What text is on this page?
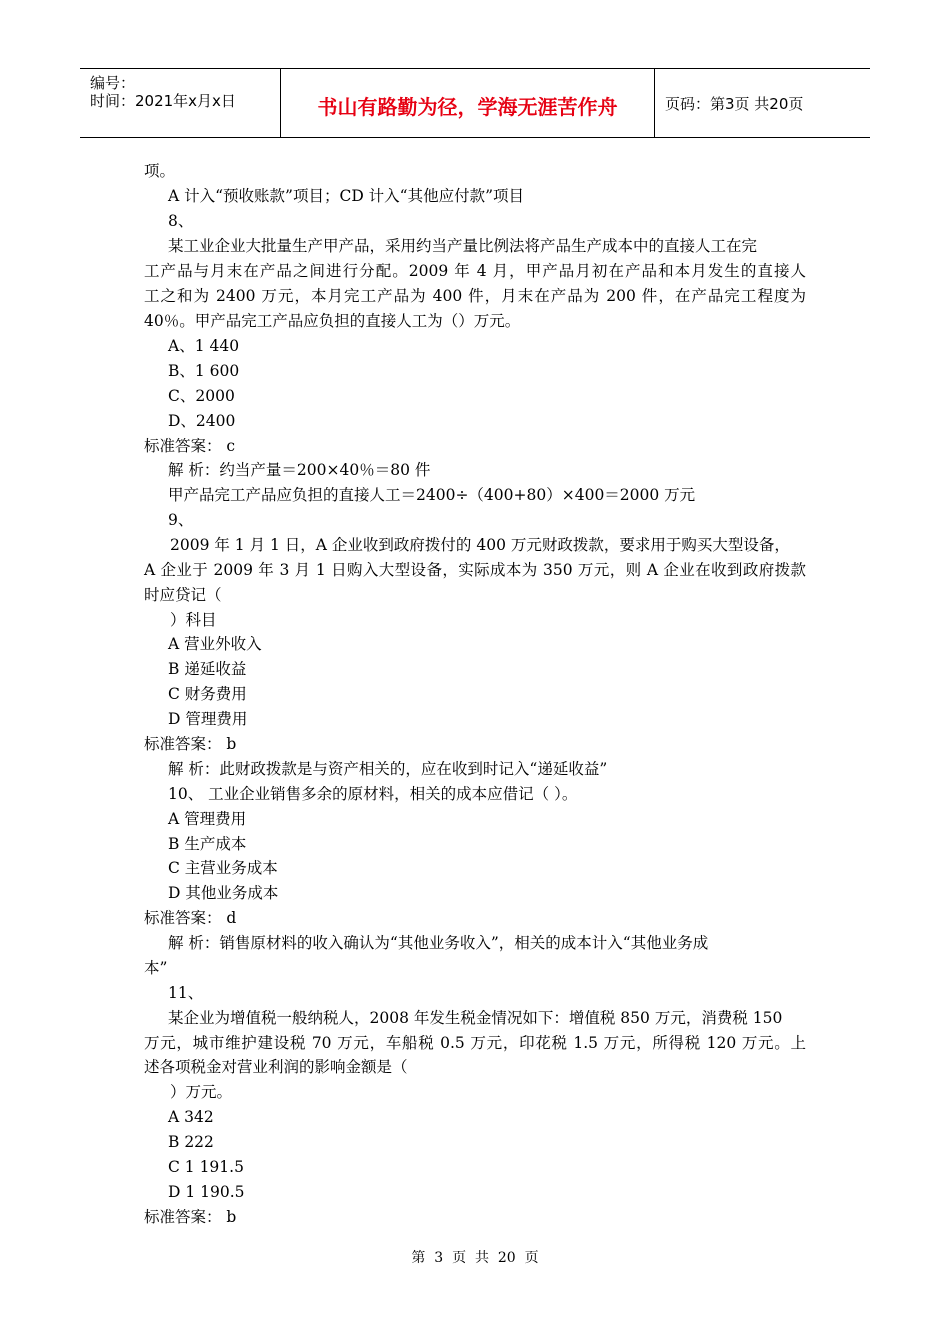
编号：
时间：2021年x月x日	书山有路勤为径，学海无涯苦作舟	页码：第3页 共20页
项。
A 计入“预收账款”项目；CD 计入“其他应付款”项目
8、
某工业企业大批量生产甲产品，采用约当产量比例法将产品生产成本中的直接人工在完
工产品与月末在产品之间进行分配。2009 年 4 月，甲产品月初在产品和本月发生的直接人
工之和为 2400 万元，本月完工产品为 400 件，月末在产品为 200 件，在产品完工程度为
40％。甲产品完工产品应负担的直接人工为（）万元。
A、1 440
B、1 600
C、2000
D、2400
标准答案： c
解 析：约当产量＝200×40％＝80 件
甲产品完工产品应负担的直接人工＝2400÷（400+80）×400＝2000 万元
9、
2009 年 1 月 1 日，A 企业收到政府拨付的 400 万元财政拨款，要求用于购买大型设备，
A 企业于 2009 年 3 月 1 日购入大型设备，实际成本为 350 万元，则 A 企业在收到政府拨款
时应贷记（
）科目
A 营业外收入
B 递延收益
C 财务费用
D 管理费用
标准答案： b
解 析：此财政拨款是与资产相关的，应在收到时记入“递延收益”
10、 工业企业销售多余的原材料，相关的成本应借记（ ）。
A 管理费用
B 生产成本
C 主营业务成本
D 其他业务成本
标准答案： d
解 析：销售原材料的收入确认为“其他业务收入”，相关的成本计入“其他业务成
本”
11、
某企业为增值税一般纳税人，2008 年发生税金情况如下：增值税 850 万元，消费税 150
万元，城市维护建设税 70 万元，车船税 0.5 万元，印花税 1.5 万元，所得税 120 万元。上
述各项税金对营业利润的影响金额是（
）万元。
A 342
B 222
C 1 191.5
D 1 190.5
标准答案： b
第  3  页  共  20  页
